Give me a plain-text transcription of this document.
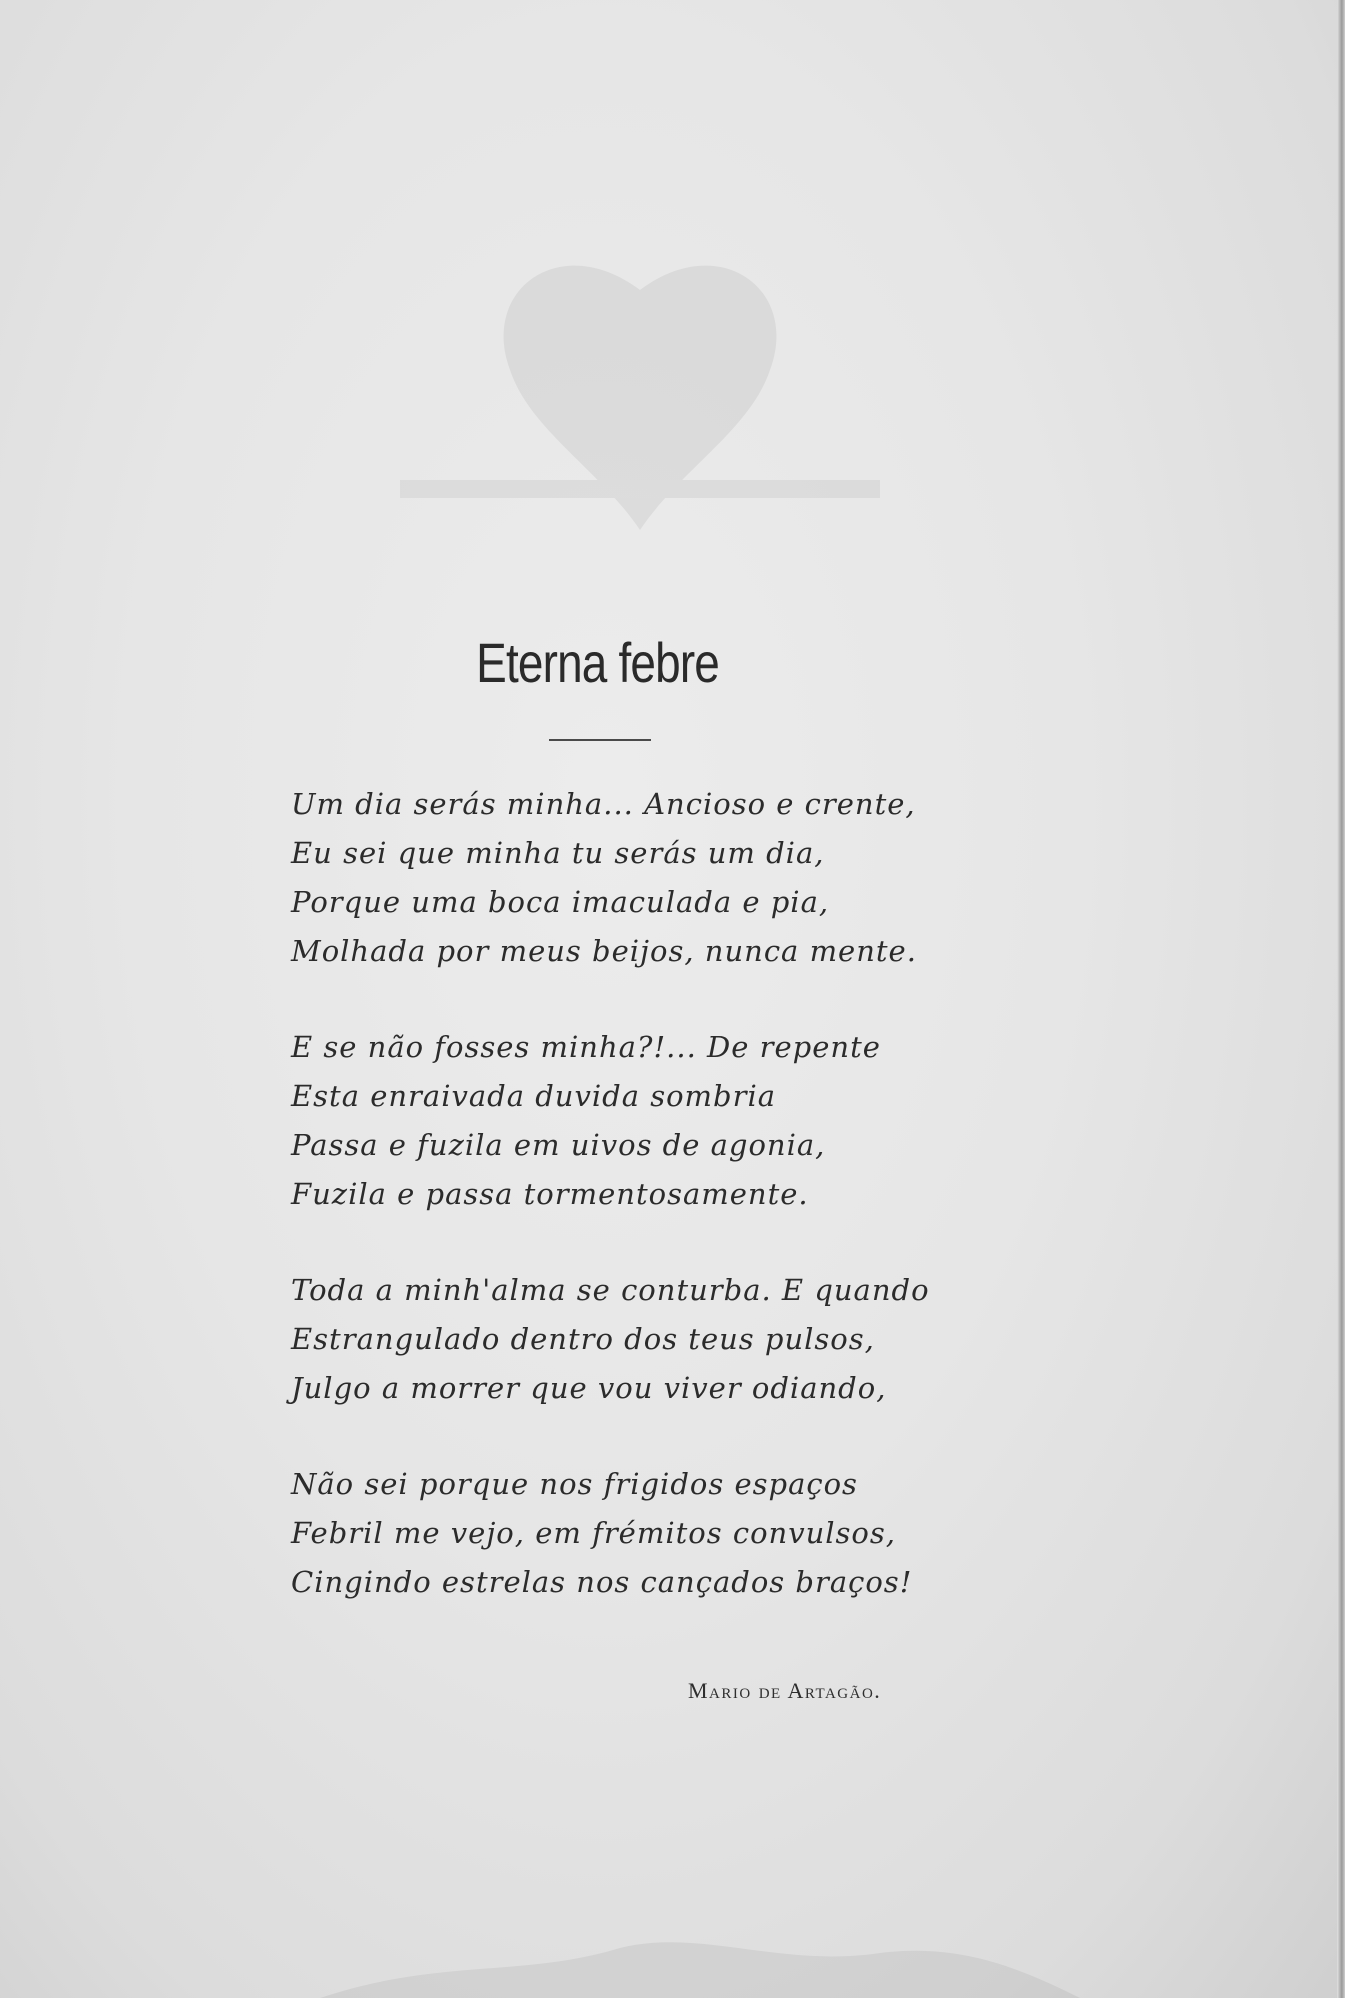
Eterna febre
Um dia serás minha... Ancioso e crente,
Eu sei que minha tu serás um dia,
Porque uma boca imaculada e pia,
Molhada por meus beijos, nunca mente.
E se não fosses minha?!... De repente
Esta enraivada duvida sombria
Passa e fuzila em uivos de agonia,
Fuzila e passa tormentosamente.
Toda a minh'alma se conturba. E quando
Estrangulado dentro dos teus pulsos,
Julgo a morrer que vou viver odiando,
Não sei porque nos frigidos espaços
Febril me vejo, em frémitos convulsos,
Cingindo estrelas nos cançados braços!
Mario de Artagão.
